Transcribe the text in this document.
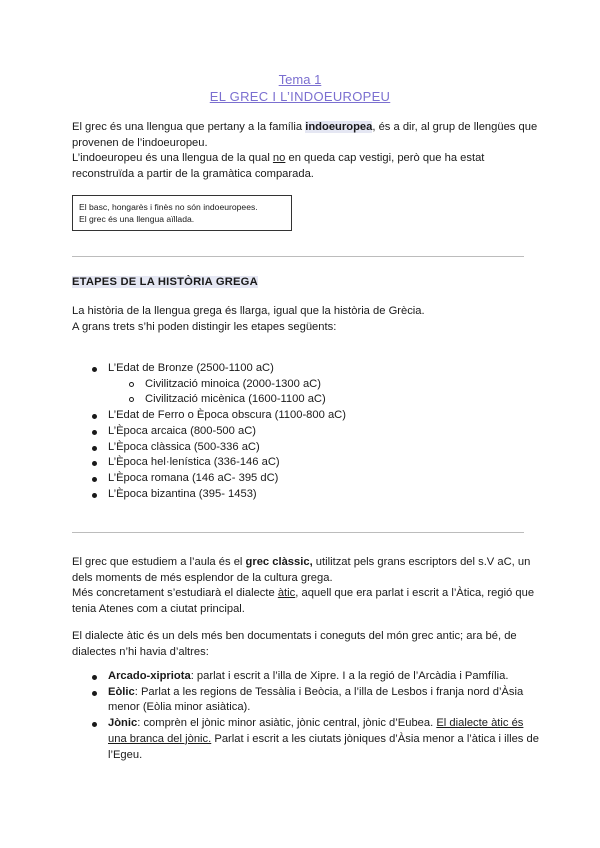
Tema 1
EL GREC I L’INDOEUROPEU

El grec és una llengua que pertany a la família indoeuropea, és a dir, al grup de llengües que provenen de l’indoeuropeu.

L’indoeuropeu és una llengua de la qual no en queda cap vestigi, però que ha estat reconstruïda a partir de la gramàtica comparada.

El basc, hongarès i finès no són indoeuropees.
El grec és una llengua aïllada.
ETAPES DE LA HISTÒRIA GREGA

La història de la llengua grega és llarga, igual que la història de Grècia.
A grans trets s’hi poden distingir les etapes següents:

L’Edat de Bronze (2500-1100 aC)
Civilització minoica (2000-1300 aC)
Civilització micènica (1600-1100 aC)
L’Edat de Ferro o Època obscura (1100-800 aC)
L’Època arcaica (800-500 aC)
L’Època clàssica (500-336 aC)
L’Època hel·lenística (336-146 aC)
L’Època romana (146 aC- 395 dC)
L’Època bizantina (395- 1453)

El grec que estudiem a l’aula és el grec clàssic, utilitzat pels grans escriptors del s.V aC, un dels moments de més esplendor de la cultura grega.

Més concretament s’estudiarà el dialecte àtic, aquell que era parlat i escrit a l’Àtica, regió que tenia Atenes com a ciutat principal.

El dialecte àtic és un dels més ben documentats i coneguts del món grec antic; ara bé, de dialectes n’hi havia d’altres:

Arcado-xipriota: parlat i escrit a l’illa de Xipre. I a la regió de l’Arcàdia i Pamfília.
Eòlic: Parlat a les regions de Tessàlia i Beòcia, a l’illa de Lesbos i franja nord d’Àsia menor (Eòlia minor asiàtica).
Jònic: comprèn el jònic minor asiàtic, jònic central, jònic d’Eubea. El dialecte àtic és una branca del jònic. Parlat i escrit a les ciutats jòniques d’Àsia menor a l’àtica i illes de l’Egeu.
